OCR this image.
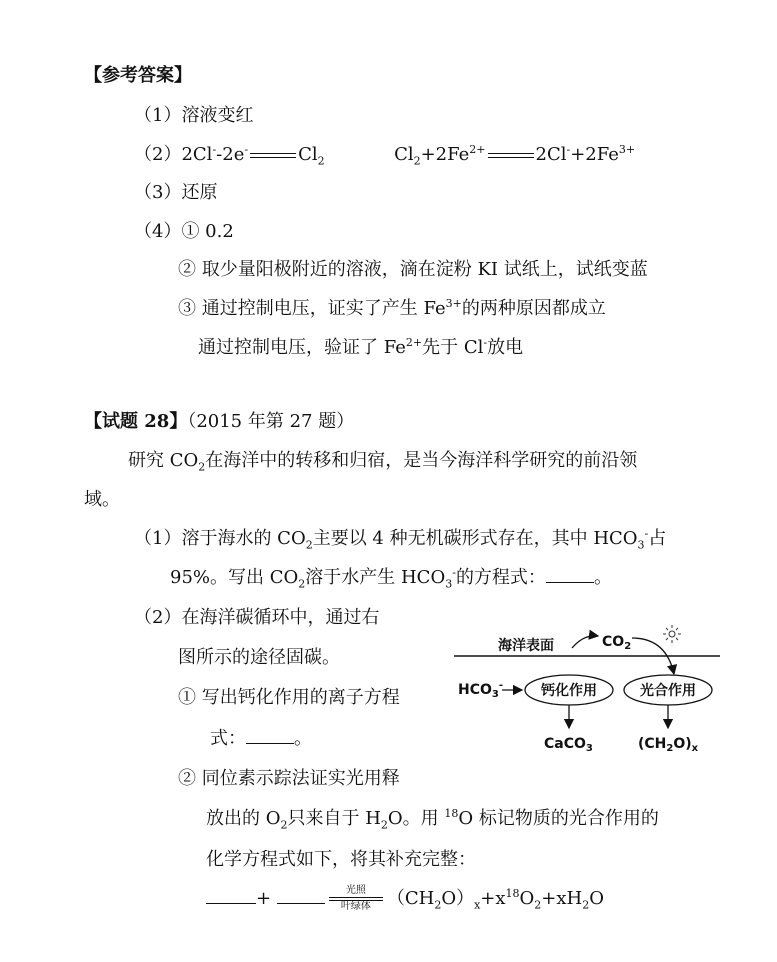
【参考答案】
（1）溶液变红
（2）2Cl--2e-	$Cl_2$	$Cl_2+2Fe^{2+}$	$2Cl^-+2Fe^{3+}$
（3）还原
（4）① 0.2
② 取少量阳极附近的溶液，滴在淀粉 KI 试纸上，试纸变蓝
③ 通过控制电压，证实了产生 $Fe^{3+}$的两种原因都成立
通过控制电压，验证了 $Fe^{2+}$先于 Cl-放电
【试题 28】（2015 年第 27 题）
研究 $CO_2$在海洋中的转移和归宿，是当今海洋科学研究的前沿领
域。
（1）溶于海水的 $CO_2$主要以 4 种无机碳形式存在，其中 $HCO_3^-$占
95%。写出 $CO_2$溶于水产生 $HCO_3^-$的方程式：	。
（2）在海洋碳循环中，通过右
图所示的途径固碳。
① 写出钙化作用的离子方程
式：	。
② 同位素示踪法证实光用释
放出的 $O_2$只来自于 $H_2O$。用 $^{18}$O 标记物质的光合作用的
化学方程式如下，将其补充完整：
+	光照
叶绿体 $(CH_2O)_x+x^{18}O_2+xH_2O$
海洋表面	$CO_2$
$HCO_3^-$	钙化作用	光合作用
CaCO$_3$	$(CH_2O)_x$
